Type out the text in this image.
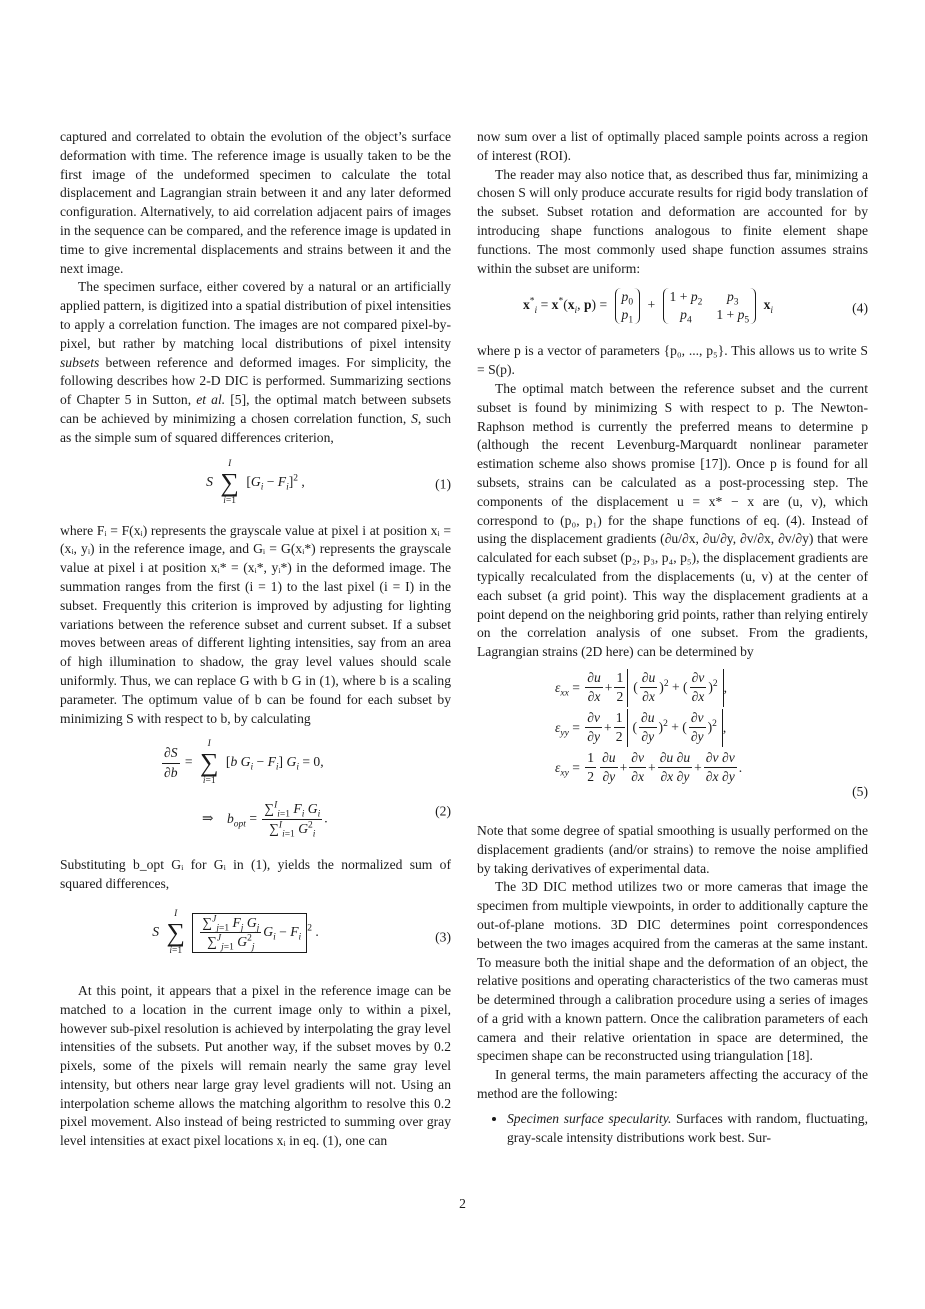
captured and correlated to obtain the evolution of the object’s surface deformation with time. The reference image is usually taken to be the first image of the undeformed specimen to calculate the total displacement and Lagrangian strain between it and any later deformed configuration. Alternatively, to aid correlation adjacent pairs of images in the sequence can be compared, and the reference image is updated in time to give incremental displacements and strains between it and the next image.

The specimen surface, either covered by a natural or an artificially applied pattern, is digitized into a spatial distribution of pixel intensities to apply a correlation function. The images are not compared pixel-by-pixel, but rather by matching local distributions of pixel intensity subsets between reference and deformed images. For simplicity, the following describes how 2-D DIC is performed. Summarizing sections of Chapter 5 in Sutton, et al. [5], the optimal match between subsets can be achieved by minimizing a chosen correlation function, S, such as the simple sum of squared differences criterion,

S
I
∑
i=1
$[G_i - F_i]^2$ ,	(1)

where Fᵢ = F(xᵢ) represents the grayscale value at pixel i at position xᵢ = (xᵢ, yᵢ) in the reference image, and Gᵢ = G(xᵢ*) represents the grayscale value at pixel i at position xᵢ* = (xᵢ*, yᵢ*) in the deformed image. The summation ranges from the first (i = 1) to the last pixel (i = I) in the subset. Frequently this criterion is improved by adjusting for lighting variations between the reference subset and current subset. If a subset moves between areas of different lighting intensities, say from an area of high illumination to shadow, the gray level values should scale uniformly. Thus, we can replace G with b G in (1), where b is a scaling parameter. The optimum value of b can be found for each subset by minimizing S with respect to b, by calculating

$\frac{\partial S}{\partial b}$ =
I
∑
i=1
[b $G_i - F_i$] $G_i = 0$,
⇒    $b_{opt} = \frac{\sum^I_{i=1} F_i G_i}{\sum^I_{i=1} G^2_i}$ .	(2)

Substituting b_opt Gᵢ for Gᵢ in (1), yields the normalized sum of squared differences,

S
I
∑
i=1
$\frac{\sum^J_{j=1} F_j G_j}{\sum^J_{j=1} G^2_j} G_i - F_i^2$ .	(3)

At this point, it appears that a pixel in the reference image can be matched to a location in the current image only to within a pixel, however sub-pixel resolution is achieved by interpolating the gray level intensities of the subsets. Put another way, if the subset moves by 0.2 pixels, some of the pixels will remain nearly the same gray level intensity, but others near large gray level gradients will not. Using an interpolation scheme allows the matching algorithm to resolve this 0.2 pixel movement. Also instead of being restricted to summing over gray level intensities at exact pixel locations xᵢ in eq. (1), one can

now sum over a list of optimally placed sample points across a region of interest (ROI).

The reader may also notice that, as described thus far, minimizing a chosen S will only produce accurate results for rigid body translation of the subset. Subset rotation and deformation are accounted for by introducing shape functions analogous to finite element shape functions. The most commonly used shape function assumes strains within the subset are uniform:

$x^*_i = x^*(x_i$, $p) = p_0$
$p_1$ +
$1 + p_2$	$p_3$
$p_4$	$1 + p_5$
$x_i$	(4)

where p is a vector of parameters {p₀, ..., p₅}. This allows us to write S = S(p).

The optimal match between the reference subset and the current subset is found by minimizing S with respect to p. The Newton-Raphson method is currently the preferred means to determine p (although the recent Levenburg-Marquardt nonlinear parameter estimation scheme also shows promise [17]). Once p is found for all subsets, strains can be calculated as a post-processing step. The components of the displacement u = x* − x are (u, v), which correspond to (p₀, p₁) for the shape functions of eq. (4). Instead of using the displacement gradients (∂u/∂x, ∂u/∂y, ∂v/∂x, ∂v/∂y) that were calculated for each subset (p₂, p₃, p₄, p₅), the displacement gradients are typically recalculated from the displacements (u, v) at the center of each subset (a grid point). This way the displacement gradients at a point depend on the neighboring grid points, rather than relying entirely on the correlation analysis of one subset. From the gradients, Lagrangian strains (2D here) can be determined by

$\varepsilon_{xx} = \frac{\partial u}{\partial x} + \frac{1}{2}$ ( $\frac{\partial u}{\partial x} )^2$ + ( $\frac{\partial v}{\partial x} )^2$ ,
$\varepsilon_{yy} = \frac{\partial v}{\partial y} + \frac{1}{2}$ ( $\frac{\partial u}{\partial y} )^2$ + ( $\frac{\partial v}{\partial y} )^2$ ,
$\varepsilon_{xy} = \frac{1}{2} \frac{\partial u}{\partial y} + \frac{\partial v}{\partial x} + \frac{\partial u \partial u}{\partial x \partial y} + \frac{\partial v \partial v}{\partial x \partial y}$ .
(5)

Note that some degree of spatial smoothing is usually performed on the displacement gradients (and/or strains) to remove the noise amplified by taking derivatives of experimental data.

The 3D DIC method utilizes two or more cameras that image the specimen from multiple viewpoints, in order to additionally capture the out-of-plane motions. 3D DIC determines point correspondences between the two images acquired from the cameras at the same instant. To measure both the initial shape and the deformation of an object, the relative positions and operating characteristics of the two cameras must be determined through a calibration procedure using a series of images of a grid with a known pattern. Once the calibration parameters of each camera and their relative orientation in space are determined, the specimen shape can be reconstructed using triangulation [18].

In general terms, the main parameters affecting the accuracy of the method are the following:

• Specimen surface specularity. Surfaces with random, fluctuating, gray-scale intensity distributions work best. Sur-
2
